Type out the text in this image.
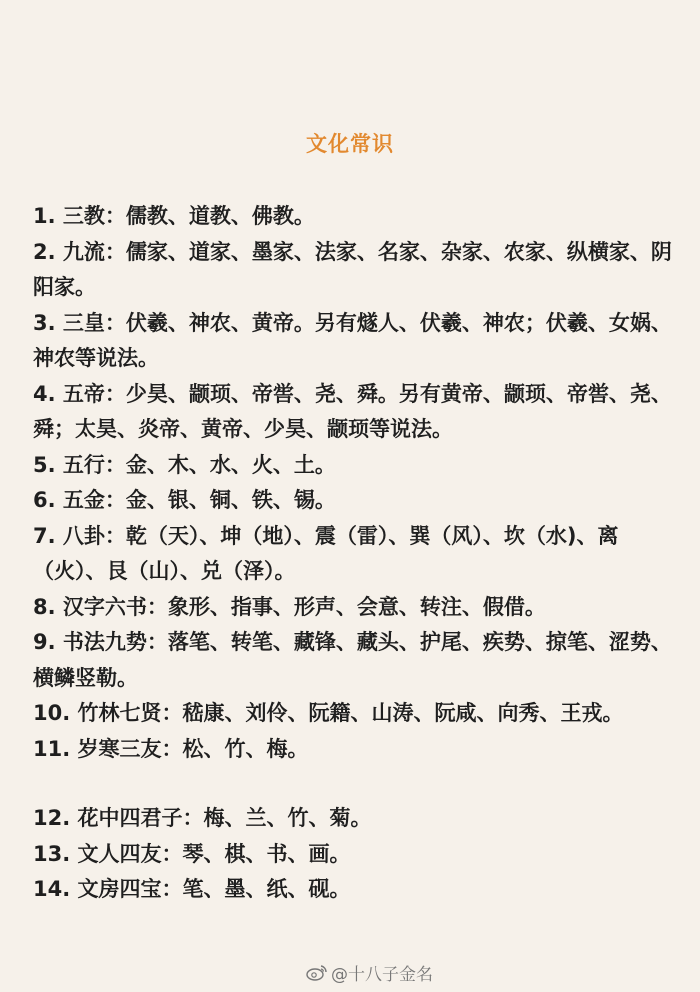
文化常识

1. 三教：儒教、道教、佛教。

2. 九流：儒家、道家、墨家、法家、名家、杂家、农家、纵横家、阴阳家。

3. 三皇：伏羲、神农、黄帝。另有燧人、伏羲、神农；伏羲、女娲、神农等说法。

4. 五帝：少昊、颛顼、帝喾、尧、舜。另有黄帝、颛顼、帝喾、尧、舜；太昊、炎帝、黄帝、少昊、颛顼等说法。

5. 五行：金、木、水、火、土。

6. 五金：金、银、铜、铁、锡。

7. 八卦：乾（天）、坤（地）、震（雷）、巽（风）、坎（水)、离（火）、艮（山）、兑（泽）。

8. 汉字六书：象形、指事、形声、会意、转注、假借。

9. 书法九势：落笔、转笔、藏锋、藏头、护尾、疾势、掠笔、涩势、横鳞竖勒。

10. 竹林七贤：嵇康、刘伶、阮籍、山涛、阮咸、向秀、王戎。

11. 岁寒三友：松、竹、梅。

12. 花中四君子：梅、兰、竹、菊。

13. 文人四友：琴、棋、书、画。

14. 文房四宝：笔、墨、纸、砚。

@十八子金名
